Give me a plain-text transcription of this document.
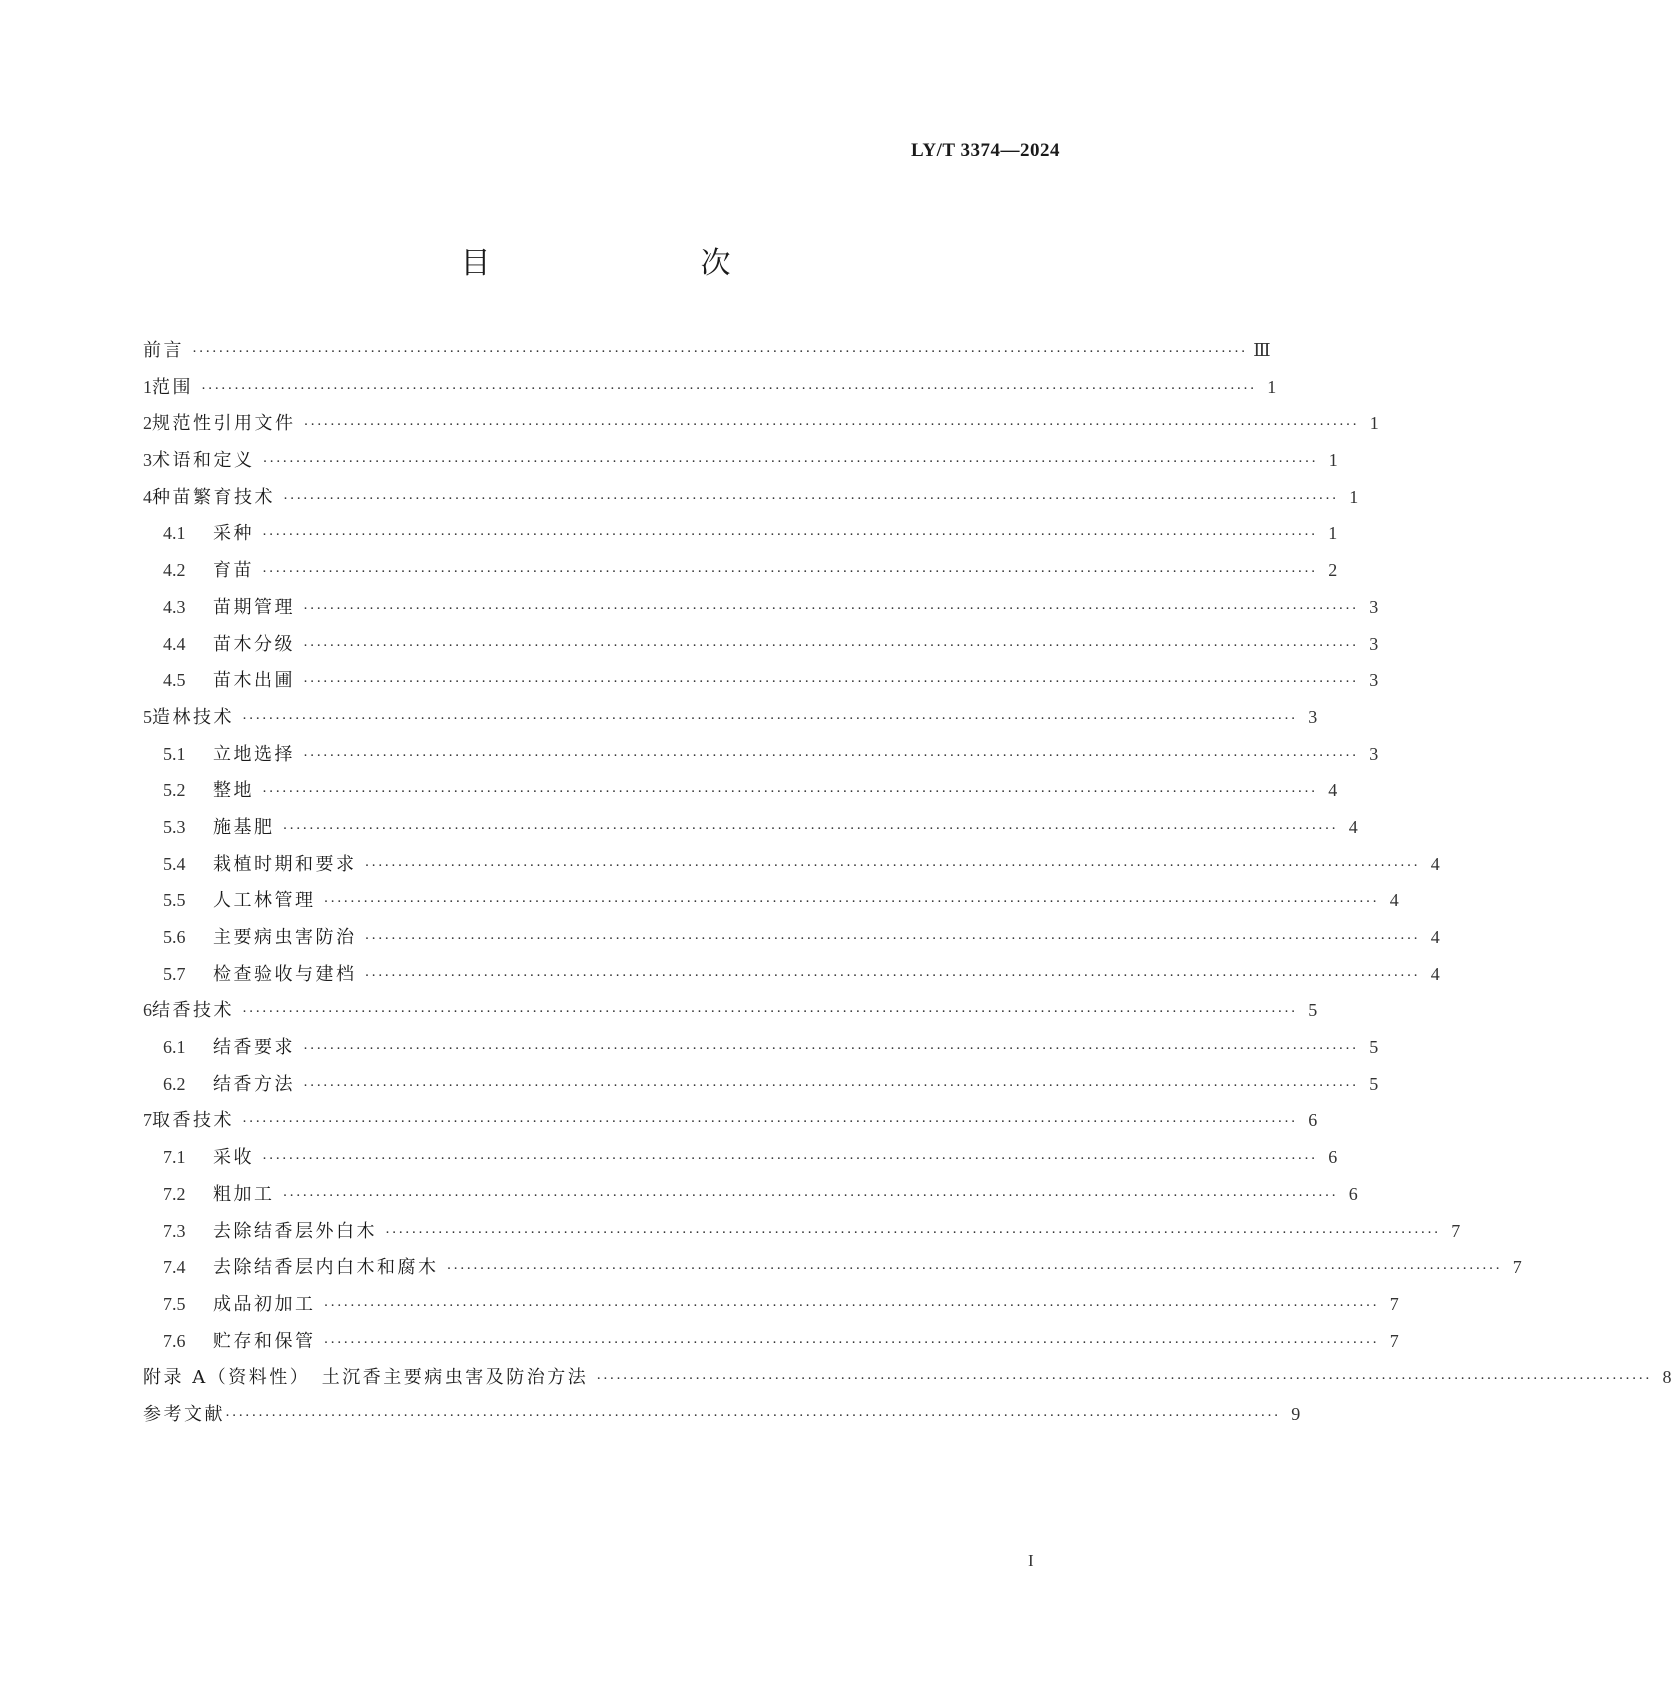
LY/T 3374—2024
目　　次
前言 ································································································································································ Ⅲ
1 范围 ································································································································································ 1
2 规范性引用文件 ································································································································································ 1
3 术语和定义 ································································································································································ 1
4 种苗繁育技术 ································································································································································ 1
4.1	采种 ································································································································································ 1
4.2	育苗 ································································································································································ 2
4.3	苗期管理 ································································································································································ 3
4.4	苗木分级 ································································································································································ 3
4.5	苗木出圃 ································································································································································ 3
5 造林技术 ································································································································································ 3
5.1	立地选择 ································································································································································ 3
5.2	整地 ································································································································································ 4
5.3	施基肥 ································································································································································ 4
5.4	栽植时期和要求 ································································································································································ 4
5.5	人工林管理 ································································································································································ 4
5.6	主要病虫害防治 ································································································································································ 4
5.7	检查验收与建档 ································································································································································ 4
6 结香技术 ································································································································································ 5
6.1	结香要求 ································································································································································ 5
6.2	结香方法 ································································································································································ 5
7 取香技术 ································································································································································ 6
7.1	采收 ································································································································································ 6
7.2	粗加工 ································································································································································ 6
7.3	去除结香层外白木 ································································································································································ 7
7.4	去除结香层内白木和腐木 ································································································································································ 7
7.5	成品初加工 ································································································································································ 7
7.6	贮存和保管 ································································································································································ 7
附录 A（资料性）　土沉香主要病虫害及防治方法 ································································································································································ 8
参考文献 ································································································································································ 9
I
